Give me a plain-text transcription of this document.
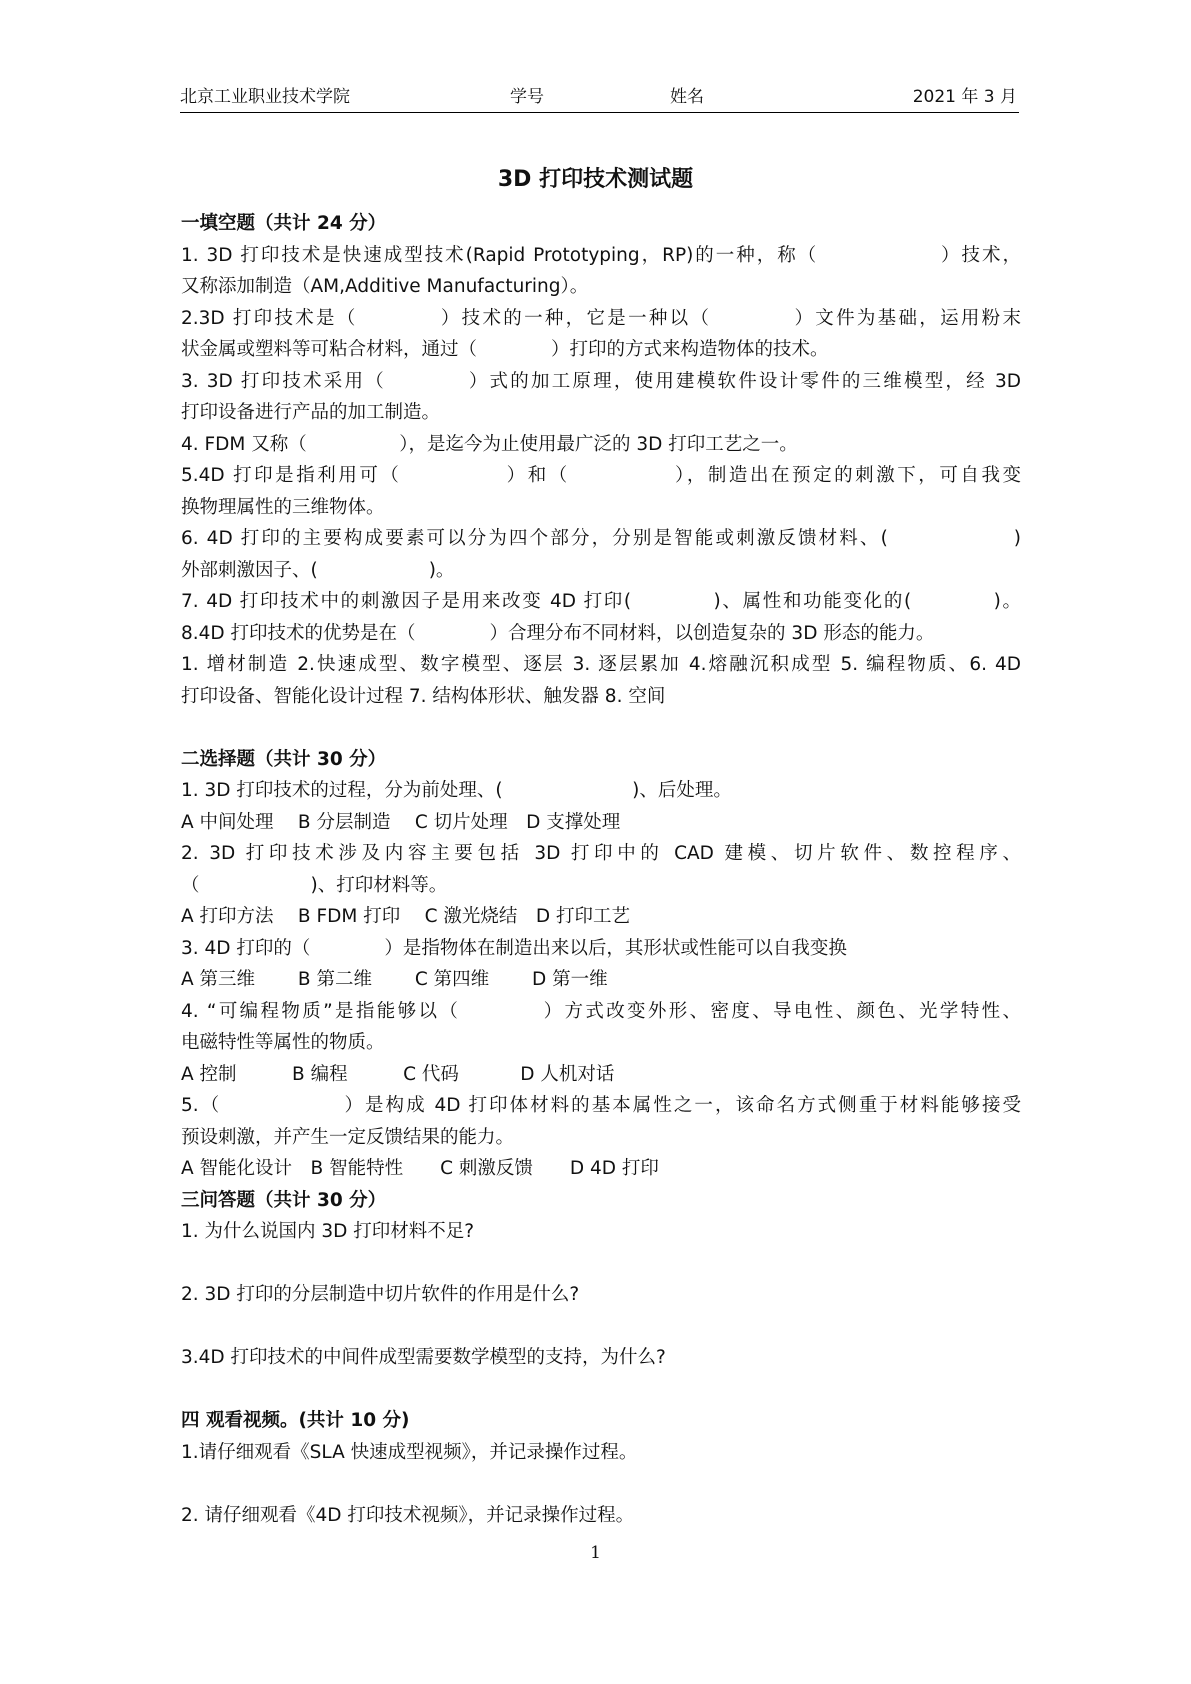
北京工业职业技术学院	学号	姓名	2021 年 3 月
3D 打印技术测试题
一填空题（共计 24 分）
1. 3D 打印技术是快速成型技术(Rapid Prototyping，RP)的一种，称（　　　　　　）技术，
又称添加制造（AM,Additive Manufacturing）。
2.3D 打印技术是（　　　　）技术的一种，它是一种以（　　　　）文件为基础，运用粉末
状金属或塑料等可粘合材料，通过（　　　　）打印的方式来构造物体的技术。
3. 3D 打印技术采用（　　　　）式的加工原理，使用建模软件设计零件的三维模型，经 3D
打印设备进行产品的加工制造。
4. FDM 又称（　　　　　），是迄今为止使用最广泛的 3D 打印工艺之一。
5.4D 打印是指利用可（　　　　　）和（　　　　　），制造出在预定的刺激下，可自我变
换物理属性的三维物体。
6. 4D 打印的主要构成要素可以分为四个部分，分别是智能或刺激反馈材料、(　　　　　　)
外部刺激因子、(　　　　　　)。
7. 4D 打印技术中的刺激因子是用来改变 4D 打印(　　　　)、属性和功能变化的(　　　　)。
8.4D 打印技术的优势是在（　　　　）合理分布不同材料，以创造复杂的 3D 形态的能力。
1. 增材制造 2.快速成型、数字模型、逐层 3. 逐层累加 4.熔融沉积成型 5. 编程物质、6. 4D
打印设备、智能化设计过程 7. 结构体形状、触发器 8. 空间
二选择题（共计 30 分）
1. 3D 打印技术的过程，分为前处理、(　　　　　　　)、后处理。
A 中间处理　 B 分层制造　 C 切片处理　D 支撑处理
2. 3D 打印技术涉及内容主要包括 3D 打印中的 CAD 建模、切片软件、数控程序、
（　　　　　　)、打印材料等。
A 打印方法　 B FDM 打印　 C 激光烧结　D 打印工艺
3. 4D 打印的（　　　　）是指物体在制造出来以后，其形状或性能可以自我变换
A 第三维　　 B 第二维　　 C 第四维　　 D 第一维
4. “可编程物质”是指能够以（　　　　）方式改变外形、密度、导电性、颜色、光学特性、
电磁特性等属性的物质。
A 控制　　　B 编程　　　C 代码　　　 D 人机对话
5.（　　　　　　）是构成 4D 打印体材料的基本属性之一，该命名方式侧重于材料能够接受
预设刺激，并产生一定反馈结果的能力。
A 智能化设计　B 智能特性　　C 刺激反馈　　D 4D 打印
三问答题（共计 30 分）
1. 为什么说国内 3D 打印材料不足?
2. 3D 打印的分层制造中切片软件的作用是什么?
3.4D 打印技术的中间件成型需要数学模型的支持，为什么?
四 观看视频。(共计 10 分)
1.请仔细观看《SLA 快速成型视频》，并记录操作过程。
2. 请仔细观看《4D 打印技术视频》，并记录操作过程。
1
